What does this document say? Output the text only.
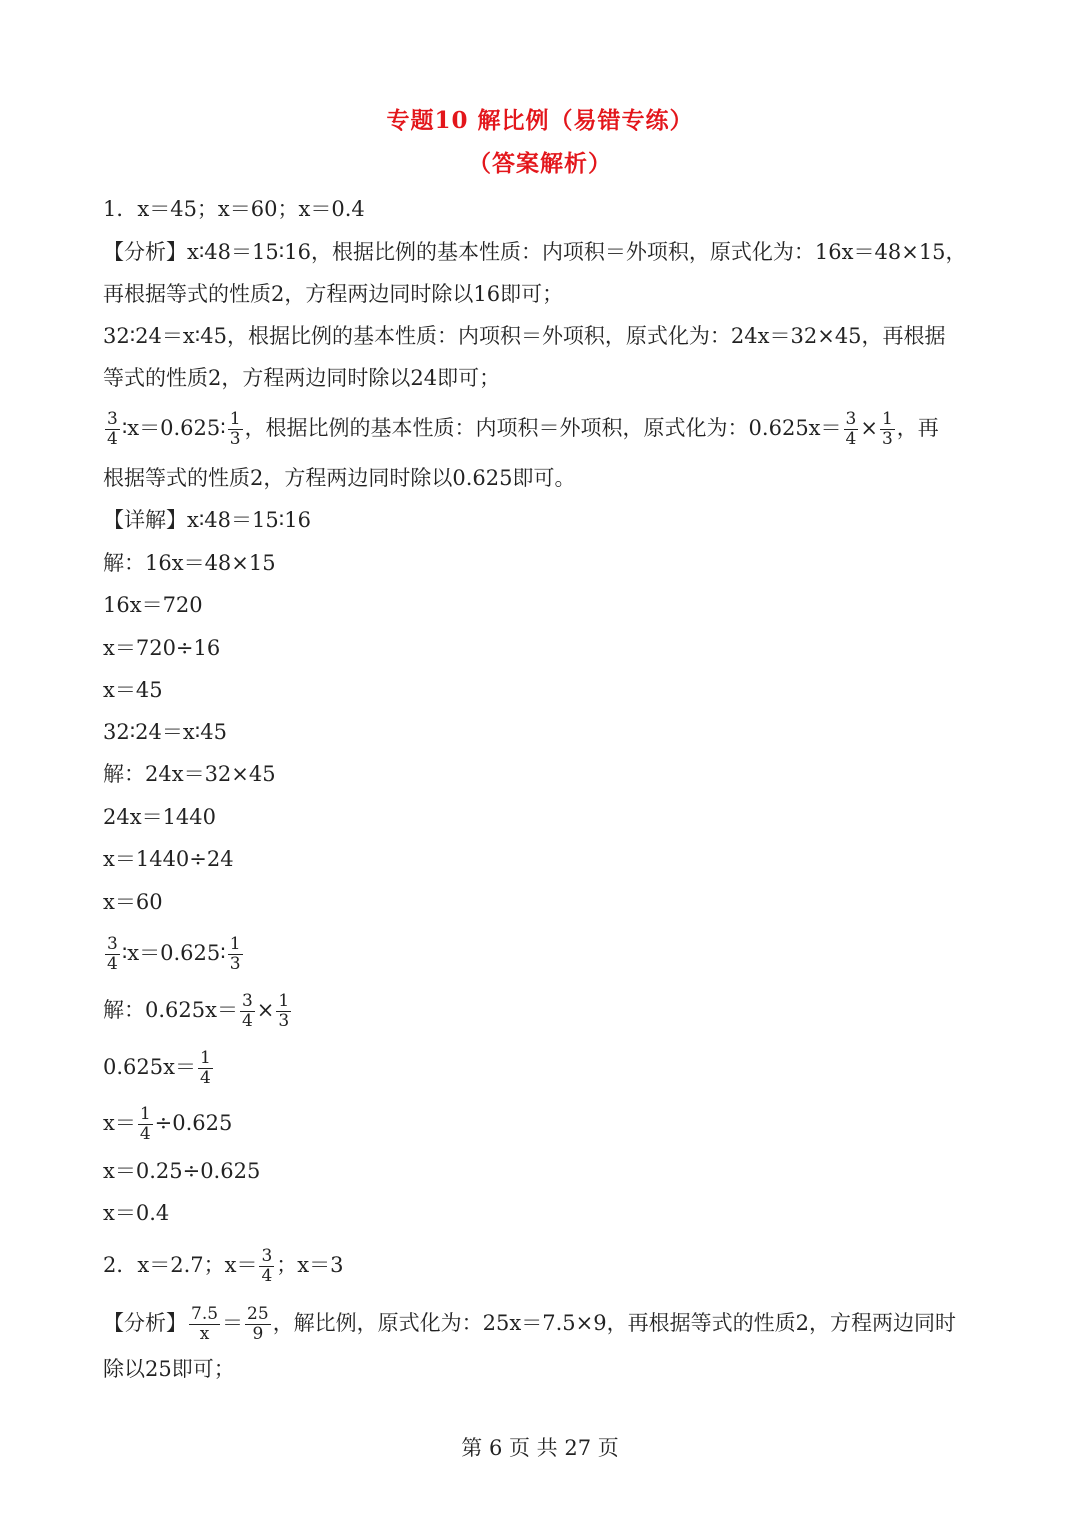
专题10 解比例（易错专练）
（答案解析）
1．x＝45；x＝60；x＝0.4
【分析】x∶48＝15∶16，根据比例的基本性质：内项积＝外项积，原式化为：16x＝48×15，
再根据等式的性质2，方程两边同时除以16即可；
32∶24＝x∶45，根据比例的基本性质：内项积＝外项积，原式化为：24x＝32×45，再根据
等式的性质2，方程两边同时除以24即可；
$\frac{3}{4}$ ∶x＝0.625∶ $\frac{1}{3}$ ，根据比例的基本性质：内项积＝外项积，原式化为：$0.625x= \frac{3}{4} \times \frac{1}{3}$ ，再
根据等式的性质2，方程两边同时除以0.625即可。
【详解】x∶48＝15∶16
解：16x＝48×15
16x＝720
x＝720÷16
x＝45
32∶24＝x∶45
解：24x＝32×45
24x＝1440
x＝1440÷24
x＝60
$\frac{3}{4}$ ∶x＝0.625∶ $\frac{1}{3}$
解：$0.625x= \frac{3}{4} \times \frac{1}{3}$
$0.625x= \frac{1}{4}$
$x= \frac{1}{4} \div 0.625$
x＝0.25÷0.625
x＝0.4
2．x＝2.7；$x= \frac{3}{4}$ ；x＝3
【分析】 $\frac{7.5}{x} = \frac{25}{9}$ ，解比例，原式化为：25x＝7.5×9，再根据等式的性质2，方程两边同时
除以25即可；
第 6 页 共 27 页
